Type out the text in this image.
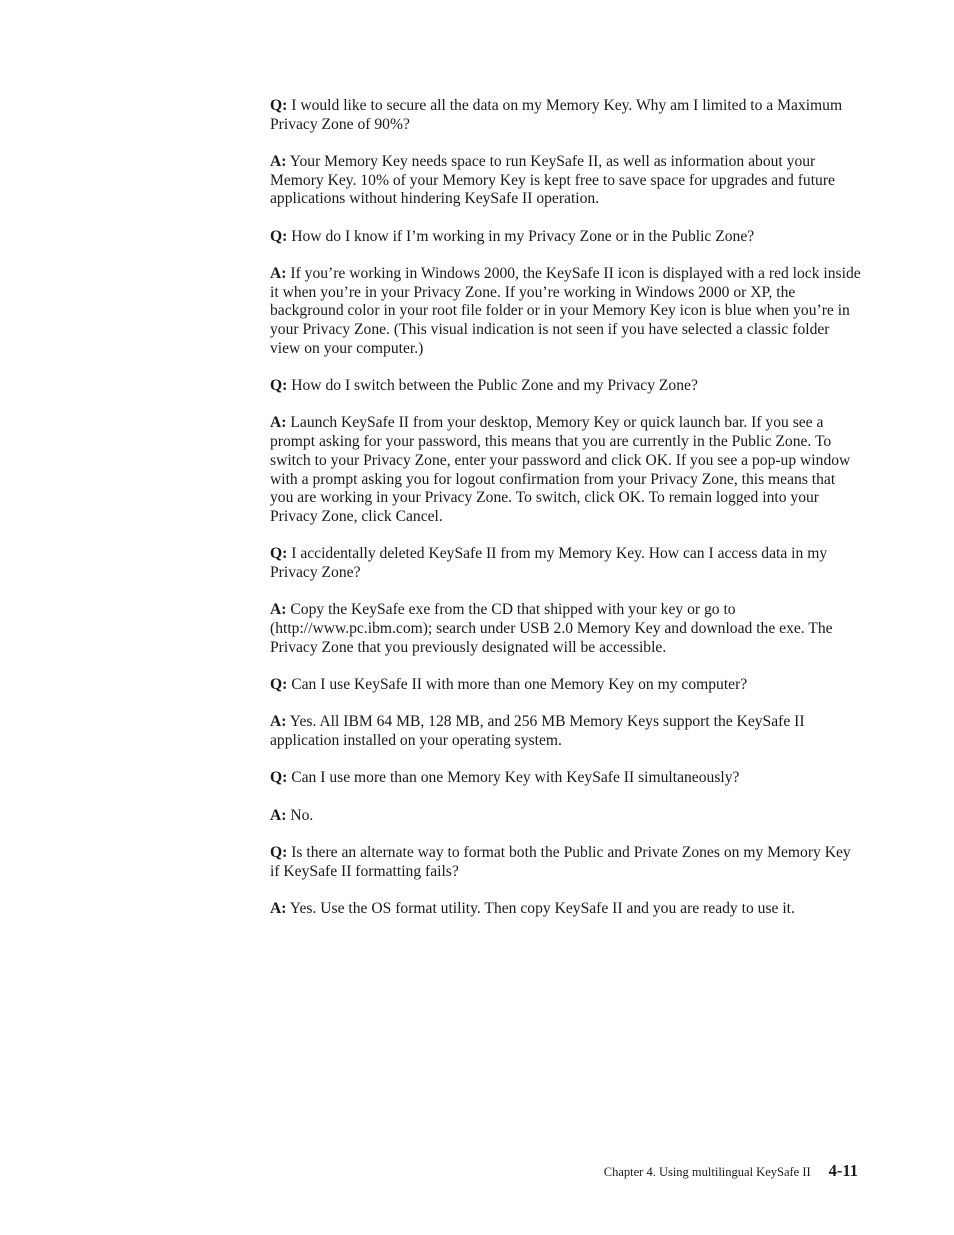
Q: I would like to secure all the data on my Memory Key. Why am I limited to a Maximum Privacy Zone of 90%?

A: Your Memory Key needs space to run KeySafe II, as well as information about your Memory Key. 10% of your Memory Key is kept free to save space for upgrades and future applications without hindering KeySafe II operation.

Q: How do I know if I’m working in my Privacy Zone or in the Public Zone?

A: If you’re working in Windows 2000, the KeySafe II icon is displayed with a red lock inside it when you’re in your Privacy Zone. If you’re working in Windows 2000 or XP, the background color in your root file folder or in your Memory Key icon is blue when you’re in your Privacy Zone. (This visual indication is not seen if you have selected a classic folder view on your computer.)

Q: How do I switch between the Public Zone and my Privacy Zone?

A: Launch KeySafe II from your desktop, Memory Key or quick launch bar. If you see a prompt asking for your password, this means that you are currently in the Public Zone. To switch to your Privacy Zone, enter your password and click OK. If you see a pop-up window with a prompt asking you for logout confirmation from your Privacy Zone, this means that you are working in your Privacy Zone. To switch, click OK. To remain logged into your Privacy Zone, click Cancel.

Q: I accidentally deleted KeySafe II from my Memory Key. How can I access data in my Privacy Zone?

A: Copy the KeySafe exe from the CD that shipped with your key or go to (http://www.pc.ibm.com); search under USB 2.0 Memory Key and download the exe. The Privacy Zone that you previously designated will be accessible.

Q: Can I use KeySafe II with more than one Memory Key on my computer?

A: Yes. All IBM 64 MB, 128 MB, and 256 MB Memory Keys support the KeySafe II application installed on your operating system.

Q: Can I use more than one Memory Key with KeySafe II simultaneously?

A: No.

Q: Is there an alternate way to format both the Public and Private Zones on my Memory Key if KeySafe II formatting fails?

A: Yes. Use the OS format utility. Then copy KeySafe II and you are ready to use it.

Chapter 4. Using multilingual KeySafe II 4-11
